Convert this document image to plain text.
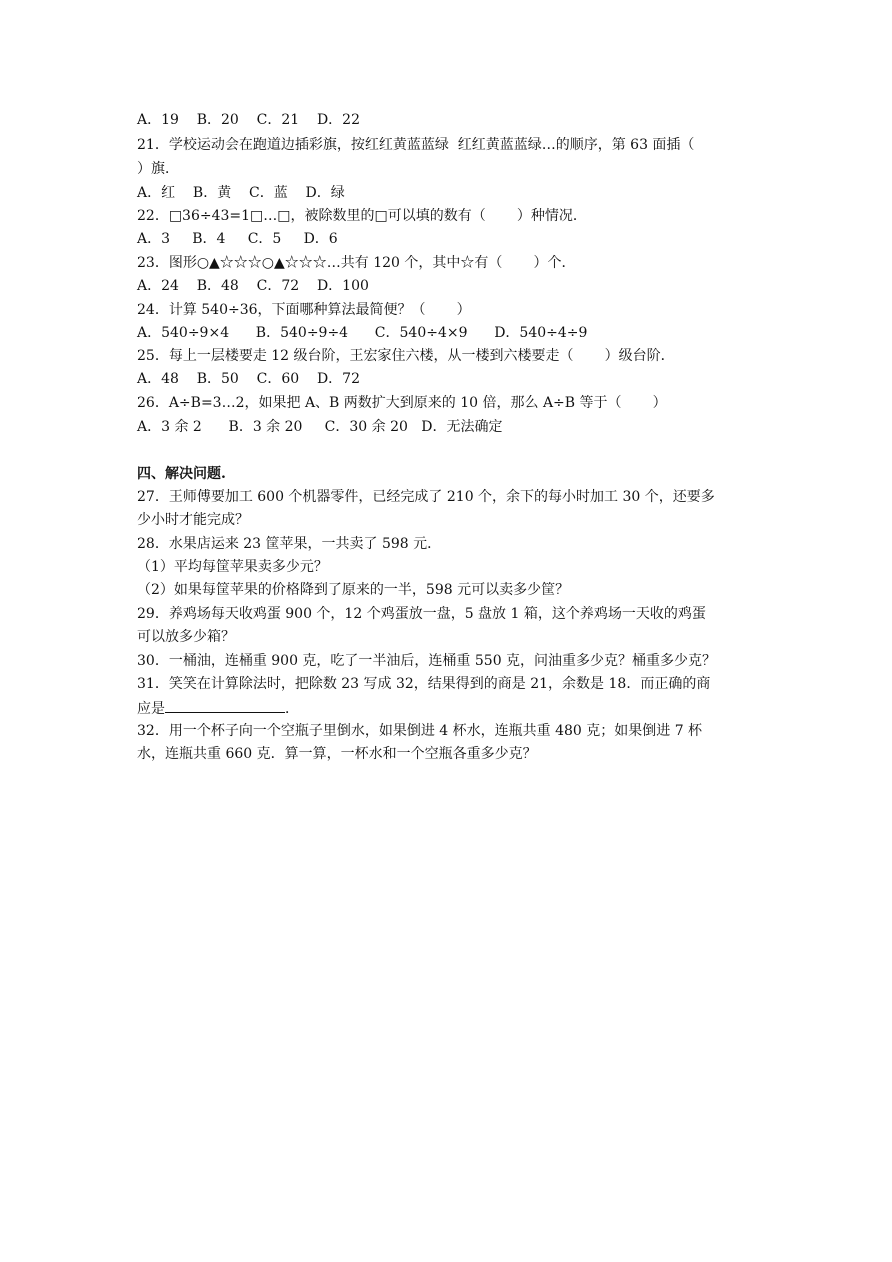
A．19    B．20    C．21    D．22
21．学校运动会在跑道边插彩旗，按红红黄蓝蓝绿  红红黄蓝蓝绿…的顺序，第 63 面插（
）旗．
A．红    B．黄    C．蓝    D．绿
22．□36÷43=1□…□，被除数里的□可以填的数有（       ）种情况．
A．3     B．4     C．5     D．6
23．图形○▲☆☆☆○▲☆☆☆…共有 120 个，其中☆有（       ）个．
A．24    B．48    C．72    D．100
24．计算 540÷36，下面哪种算法最简便？（       ）
A．540÷9×4      B．540÷9÷4      C．540÷4×9      D．540÷4÷9
25．每上一层楼要走 12 级台阶，王宏家住六楼，从一楼到六楼要走（       ）级台阶．
A．48    B．50    C．60    D．72
26．A÷B=3…2，如果把 A、B 两数扩大到原来的 10 倍，那么 A÷B 等于（       ）
A．3 余 2      B．3 余 20     C．30 余 20   D．无法确定
四、解决问题.
27．王师傅要加工 600 个机器零件，已经完成了 210 个，余下的每小时加工 30 个，还要多
少小时才能完成？
28．水果店运来 23 筐苹果，一共卖了 598 元．
（1）平均每筐苹果卖多少元？
（2）如果每筐苹果的价格降到了原来的一半，598 元可以卖多少筐？
29．养鸡场每天收鸡蛋 900 个，12 个鸡蛋放一盘，5 盘放 1 箱，这个养鸡场一天收的鸡蛋
可以放多少箱？
30．一桶油，连桶重 900 克，吃了一半油后，连桶重 550 克，问油重多少克？桶重多少克？
31．笑笑在计算除法时，把除数 23 写成 32，结果得到的商是 21，余数是 18．而正确的商
应是	．
32．用一个杯子向一个空瓶子里倒水，如果倒进 4 杯水，连瓶共重 480 克；如果倒进 7 杯
水，连瓶共重 660 克．算一算，一杯水和一个空瓶各重多少克？
